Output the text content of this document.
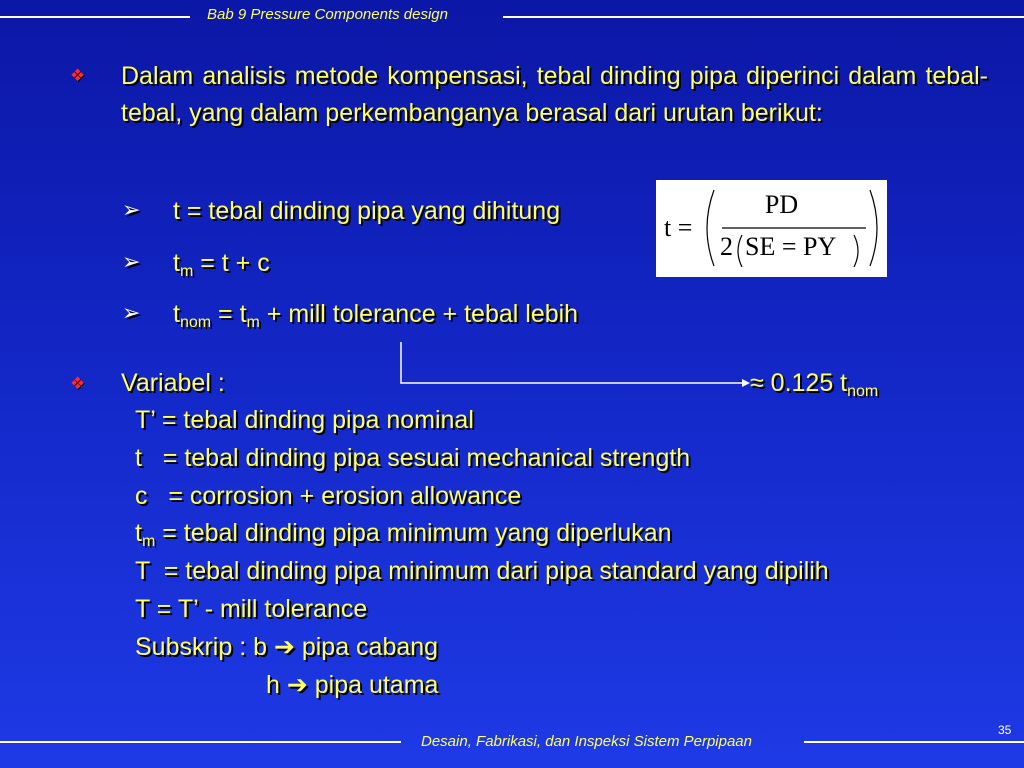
Bab 9 Pressure Components design
❖ Dalam analisis metode kompensasi, tebal dinding pipa diperinci dalam tebal-tebal, yang dalam perkembanganya berasal dari urutan berikut:
➢ t = tebal dinding pipa yang dihitung
➢ $t_m = t + c$
➢ $t_{nom} = t_m$ + mill tolerance + tebal lebih
t =
PD
2 SE = PY
≈ 0.125 $t_{nom}$
❖ Variabel :
T’ = tebal dinding pipa nominal
t   = tebal dinding pipa sesuai mechanical strength
c   = corrosion + erosion allowance
$t_m$ = tebal dinding pipa minimum yang diperlukan
T  = tebal dinding pipa minimum dari pipa standard yang dipilih
T = T’ - mill tolerance
Subskrip : b ➔ pipa cabang
h ➔ pipa utama
Desain, Fabrikasi, dan Inspeksi Sistem Perpipaan
35
